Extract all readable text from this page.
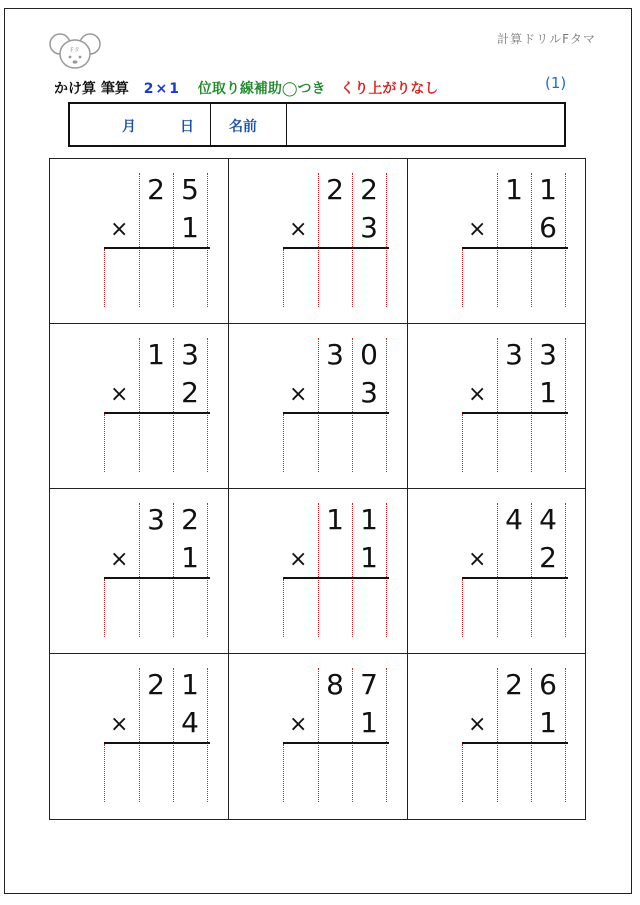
Fタ
計算ドリルFタマ
かけ算 筆算 2×1 位取り線補助◯つき くり上がりなし	(1)
月	日	名前
2 5
× 1
2 2
× 3
1 1
× 6
1 3
× 2
3 0
× 3
3 3
× 1
3 2
× 1
1 1
× 1
4 4
× 2
2 1
× 4
8 7
× 1
2 6
× 1
